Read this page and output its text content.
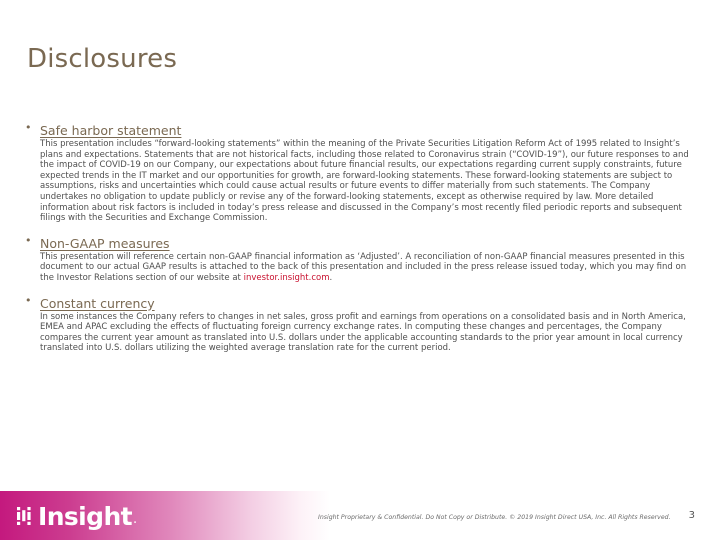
Disclosures
• Safe harbor statement

This presentation includes “forward-looking statements” within the meaning of the Private Securities Litigation Reform Act of 1995 related to Insight’s plans and expectations. Statements that are not historical facts, including those related to Coronavirus strain (“COVID-19”), our future responses to and the impact of COVID-19 on our Company, our expectations about future financial results, our expectations regarding current supply constraints, future expected trends in the IT market and our opportunities for growth, are forward-looking statements. These forward-looking statements are subject to assumptions, risks and uncertainties which could cause actual results or future events to differ materially from such statements. The Company undertakes no obligation to update publicly or revise any of the forward-looking statements, except as otherwise required by law. More detailed information about risk factors is included in today’s press release and discussed in the Company’s most recently filed periodic reports and subsequent filings with the Securities and Exchange Commission.

• Non-GAAP measures

This presentation will reference certain non-GAAP financial information as ‘Adjusted’. A reconciliation of non-GAAP financial measures presented in this document to our actual GAAP results is attached to the back of this presentation and included in the press release issued today, which you may find on the Investor Relations section of our website at investor.insight.com.

• Constant currency

In some instances the Company refers to changes in net sales, gross profit and earnings from operations on a consolidated basis and in North America, EMEA and APAC excluding the effects of fluctuating foreign currency exchange rates. In computing these changes and percentages, the Company compares the current year amount as translated into U.S. dollars under the applicable accounting standards to the prior year amount in local currency translated into U.S. dollars utilizing the weighted average translation rate for the current period.

Insight .	Insight Proprietary & Confidential. Do Not Copy or Distribute. © 2019 Insight Direct USA, Inc. All Rights Reserved. 3
